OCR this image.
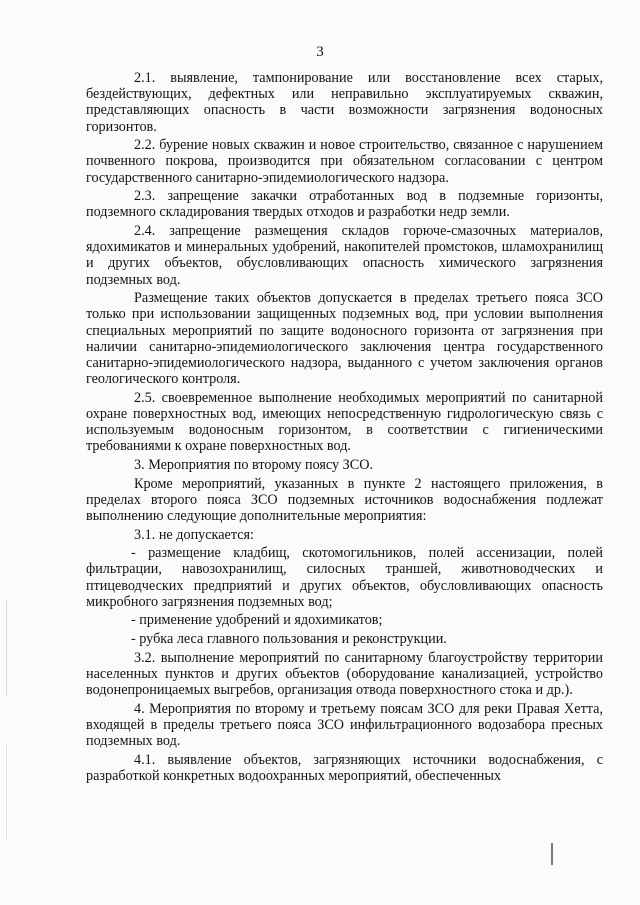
3

2.1. выявление, тампонирование или восстановление всех старых, бездействующих, дефектных или неправильно эксплуатируемых скважин, представляющих опасность в части возможности загрязнения водоносных горизонтов.

2.2. бурение новых скважин и новое строительство, связанное с нарушением почвенного покрова, производится при обязательном согласовании с центром государственного санитарно-эпидемиологического надзора.

2.3. запрещение закачки отработанных вод в подземные горизонты, подземного складирования твердых отходов и разработки недр земли.

2.4. запрещение размещения складов горюче-смазочных материалов, ядохимикатов и минеральных удобрений, накопителей промстоков, шламохранилищ и других объектов, обусловливающих опасность химического загрязнения подземных вод.

Размещение таких объектов допускается в пределах третьего пояса ЗСО только при использовании защищенных подземных вод, при условии выполнения специальных мероприятий по защите водоносного горизонта от загрязнения при наличии санитарно-эпидемиологического заключения центра государственного санитарно-эпидемиологического надзора, выданного с учетом заключения органов геологического контроля.

2.5. своевременное выполнение необходимых мероприятий по санитарной охране поверхностных вод, имеющих непосредственную гидрологическую связь с используемым водоносным горизонтом, в соответствии с гигиеническими требованиями к охране поверхностных вод.

3. Мероприятия по второму поясу ЗСО.

Кроме мероприятий, указанных в пункте 2 настоящего приложения, в пределах второго пояса ЗСО подземных источников водоснабжения подлежат выполнению следующие дополнительные мероприятия:

3.1. не допускается:

- размещение кладбищ, скотомогильников, полей ассенизации, полей фильтрации, навозохранилищ, силосных траншей, животноводческих и птицеводческих предприятий и других объектов, обусловливающих опасность микробного загрязнения подземных вод;

- применение удобрений и ядохимикатов;

- рубка леса главного пользования и реконструкции.

3.2. выполнение мероприятий по санитарному благоустройству территории населенных пунктов и других объектов (оборудование канализацией, устройство водонепроницаемых выгребов, организация отвода поверхностного стока и др.).

4. Мероприятия по второму и третьему поясам ЗСО для реки Правая Хетта, входящей в пределы третьего пояса ЗСО инфильтрационного водозабора пресных подземных вод.

4.1. выявление объектов, загрязняющих источники водоснабжения, с разработкой конкретных водоохранных мероприятий, обеспеченных
